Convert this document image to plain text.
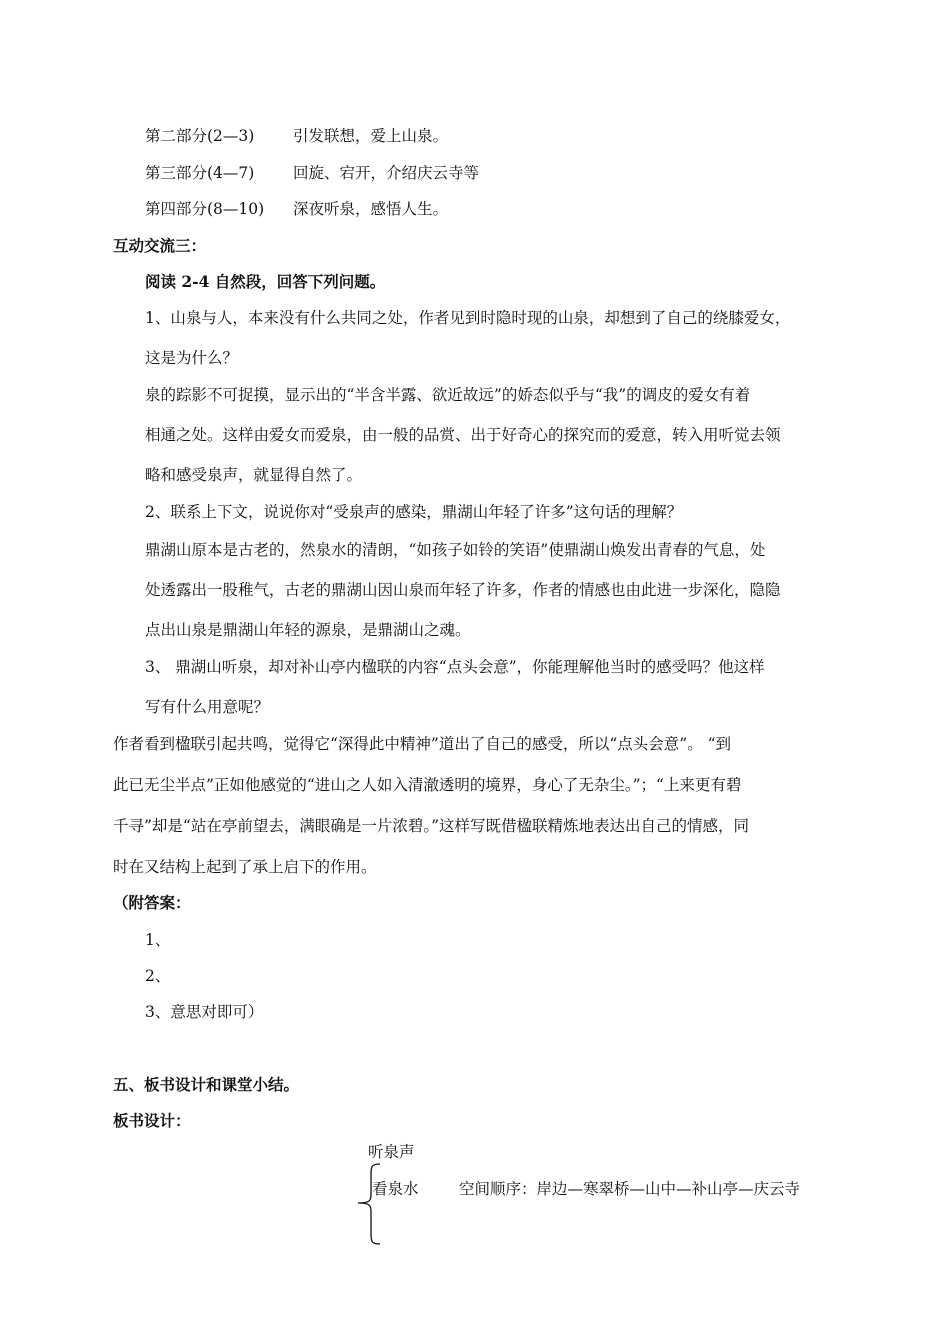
第二部分(2—3) 引发联想，爱上山泉。
第三部分(4—7) 回旋、宕开，介绍庆云寺等
第四部分(8—10) 深夜听泉，感悟人生。
互动交流三：
阅读 2-4 自然段，回答下列问题。
1、山泉与人，本来没有什么共同之处，作者见到时隐时现的山泉，却想到了自己的绕膝爱女，
这是为什么？
泉的踪影不可捉摸，显示出的“半含半露、欲近故远”的娇态似乎与“我”的调皮的爱女有着
相通之处。这样由爱女而爱泉，由一般的品赏、出于好奇心的探究而的爱意，转入用听觉去领
略和感受泉声，就显得自然了。
2、联系上下文，说说你对“受泉声的感染，鼎湖山年轻了许多”这句话的理解？
鼎湖山原本是古老的，然泉水的清朗，“如孩子如铃的笑语”使鼎湖山焕发出青春的气息，处
处透露出一股稚气，古老的鼎湖山因山泉而年轻了许多，作者的情感也由此进一步深化，隐隐
点出山泉是鼎湖山年轻的源泉，是鼎湖山之魂。
3、 鼎湖山听泉，却对补山亭内楹联的内容“点头会意”，你能理解他当时的感受吗？他这样
写有什么用意呢？
作者看到楹联引起共鸣，觉得它“深得此中精神”道出了自己的感受，所以“点头会意”。 “到
此已无尘半点”正如他感觉的“进山之人如入清澈透明的境界，身心了无杂尘。”；“上来更有碧
千寻”却是“站在亭前望去，满眼确是一片浓碧。”这样写既借楹联精炼地表达出自己的情感，同
时在又结构上起到了承上启下的作用。
（附答案：
1、
2、
3、意思对即可）
五、板书设计和课堂小结。
板书设计：
听泉声
看泉水	空间顺序：岸边—寒翠桥—山中—补山亭—庆云寺
